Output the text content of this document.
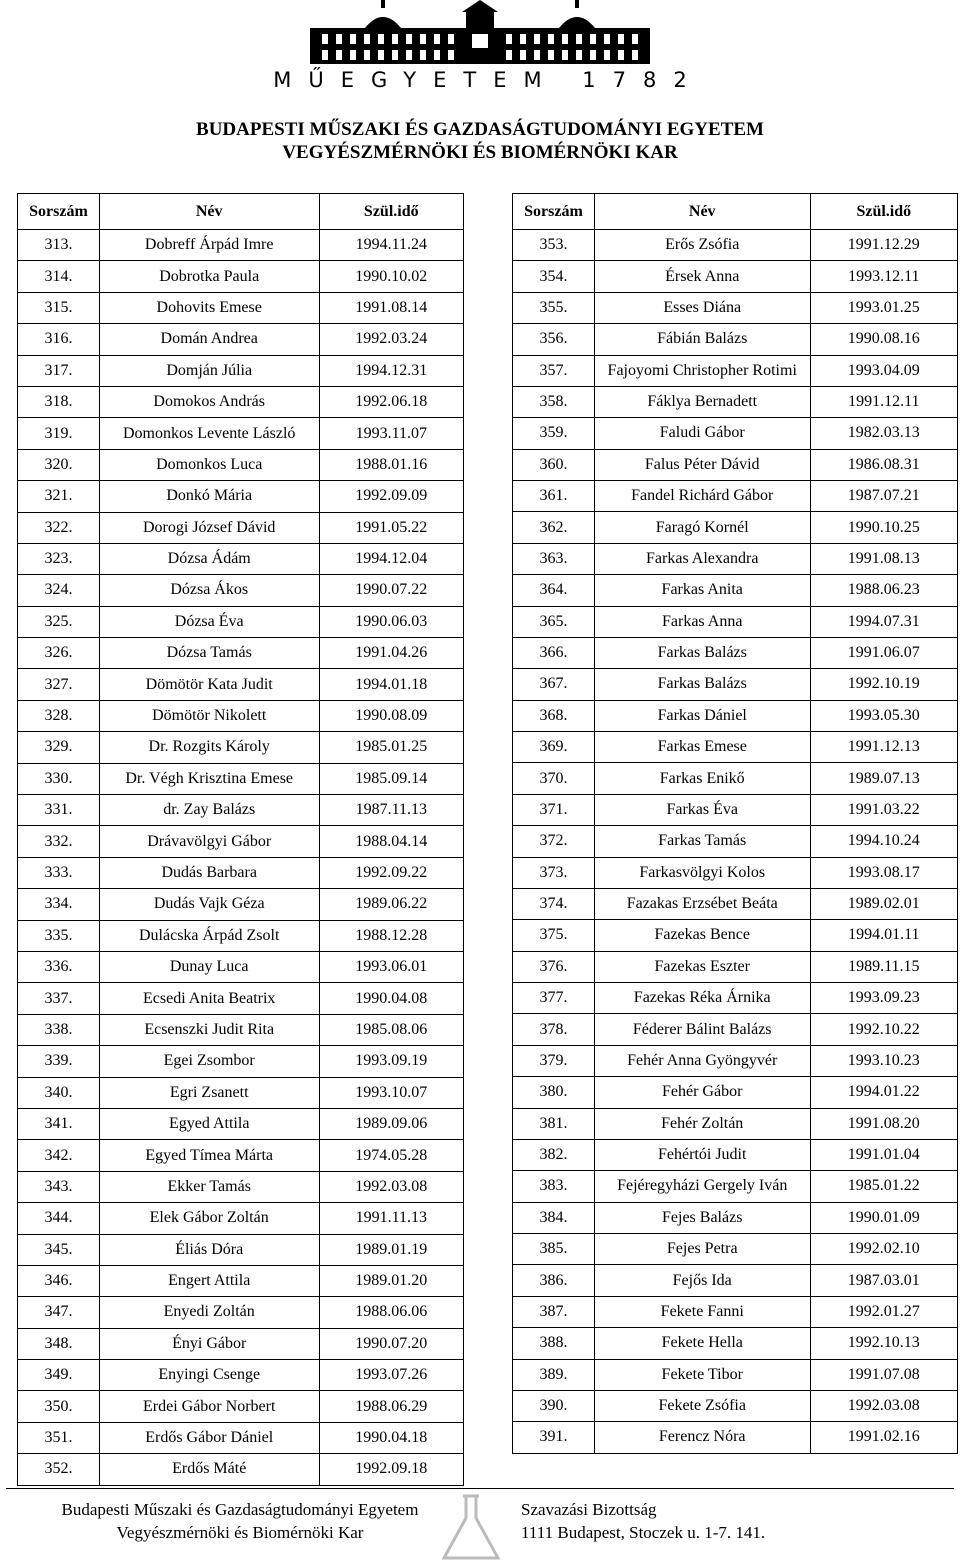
MŰEGYETEM 1782
BUDAPESTI MŰSZAKI ÉS GAZDASÁGTUDOMÁNYI EGYETEM
VEGYÉSZMÉRNÖKI ÉS BIOMÉRNÖKI KAR
Sorszám	Név	Szül.idő
313.	Dobreff Árpád Imre	1994.11.24
314.	Dobrotka Paula	1990.10.02
315.	Dohovits Emese	1991.08.14
316.	Domán Andrea	1992.03.24
317.	Domján Júlia	1994.12.31
318.	Domokos András	1992.06.18
319.	Domonkos Levente László	1993.11.07
320.	Domonkos Luca	1988.01.16
321.	Donkó Mária	1992.09.09
322.	Dorogi József Dávid	1991.05.22
323.	Dózsa Ádám	1994.12.04
324.	Dózsa Ákos	1990.07.22
325.	Dózsa Éva	1990.06.03
326.	Dózsa Tamás	1991.04.26
327.	Dömötör Kata Judit	1994.01.18
328.	Dömötör Nikolett	1990.08.09
329.	Dr. Rozgits Károly	1985.01.25
330.	Dr. Végh Krisztina Emese	1985.09.14
331.	dr. Zay Balázs	1987.11.13
332.	Drávavölgyi Gábor	1988.04.14
333.	Dudás Barbara	1992.09.22
334.	Dudás Vajk Géza	1989.06.22
335.	Dulácska Árpád Zsolt	1988.12.28
336.	Dunay Luca	1993.06.01
337.	Ecsedi Anita Beatrix	1990.04.08
338.	Ecsenszki Judit Rita	1985.08.06
339.	Egei Zsombor	1993.09.19
340.	Egri Zsanett	1993.10.07
341.	Egyed Attila	1989.09.06
342.	Egyed Tímea Márta	1974.05.28
343.	Ekker Tamás	1992.03.08
344.	Elek Gábor Zoltán	1991.11.13
345.	Éliás Dóra	1989.01.19
346.	Engert Attila	1989.01.20
347.	Enyedi Zoltán	1988.06.06
348.	Ényi Gábor	1990.07.20
349.	Enyingi Csenge	1993.07.26
350.	Erdei Gábor Norbert	1988.06.29
351.	Erdős Gábor Dániel	1990.04.18
352.	Erdős Máté	1992.09.18
Sorszám	Név	Szül.idő
353.	Erős Zsófia	1991.12.29
354.	Érsek Anna	1993.12.11
355.	Esses Diána	1993.01.25
356.	Fábián Balázs	1990.08.16
357.	Fajoyomi Christopher Rotimi	1993.04.09
358.	Fáklya Bernadett	1991.12.11
359.	Faludi Gábor	1982.03.13
360.	Falus Péter Dávid	1986.08.31
361.	Fandel Richárd Gábor	1987.07.21
362.	Faragó Kornél	1990.10.25
363.	Farkas Alexandra	1991.08.13
364.	Farkas Anita	1988.06.23
365.	Farkas Anna	1994.07.31
366.	Farkas Balázs	1991.06.07
367.	Farkas Balázs	1992.10.19
368.	Farkas Dániel	1993.05.30
369.	Farkas Emese	1991.12.13
370.	Farkas Enikő	1989.07.13
371.	Farkas Éva	1991.03.22
372.	Farkas Tamás	1994.10.24
373.	Farkasvölgyi Kolos	1993.08.17
374.	Fazakas Erzsébet Beáta	1989.02.01
375.	Fazekas Bence	1994.01.11
376.	Fazekas Eszter	1989.11.15
377.	Fazekas Réka Árnika	1993.09.23
378.	Féderer Bálint Balázs	1992.10.22
379.	Fehér Anna Gyöngyvér	1993.10.23
380.	Fehér Gábor	1994.01.22
381.	Fehér Zoltán	1991.08.20
382.	Fehértói Judit	1991.01.04
383.	Fejéregyházi Gergely Iván	1985.01.22
384.	Fejes Balázs	1990.01.09
385.	Fejes Petra	1992.02.10
386.	Fejős Ida	1987.03.01
387.	Fekete Fanni	1992.01.27
388.	Fekete Hella	1992.10.13
389.	Fekete Tibor	1991.07.08
390.	Fekete Zsófia	1992.03.08
391.	Ferencz Nóra	1991.02.16
Budapesti Műszaki és Gazdaságtudományi Egyetem
Vegyészmérnöki és Biomérnöki Kar
Szavazási Bizottság
1111 Budapest, Stoczek u. 1-7. 141.
